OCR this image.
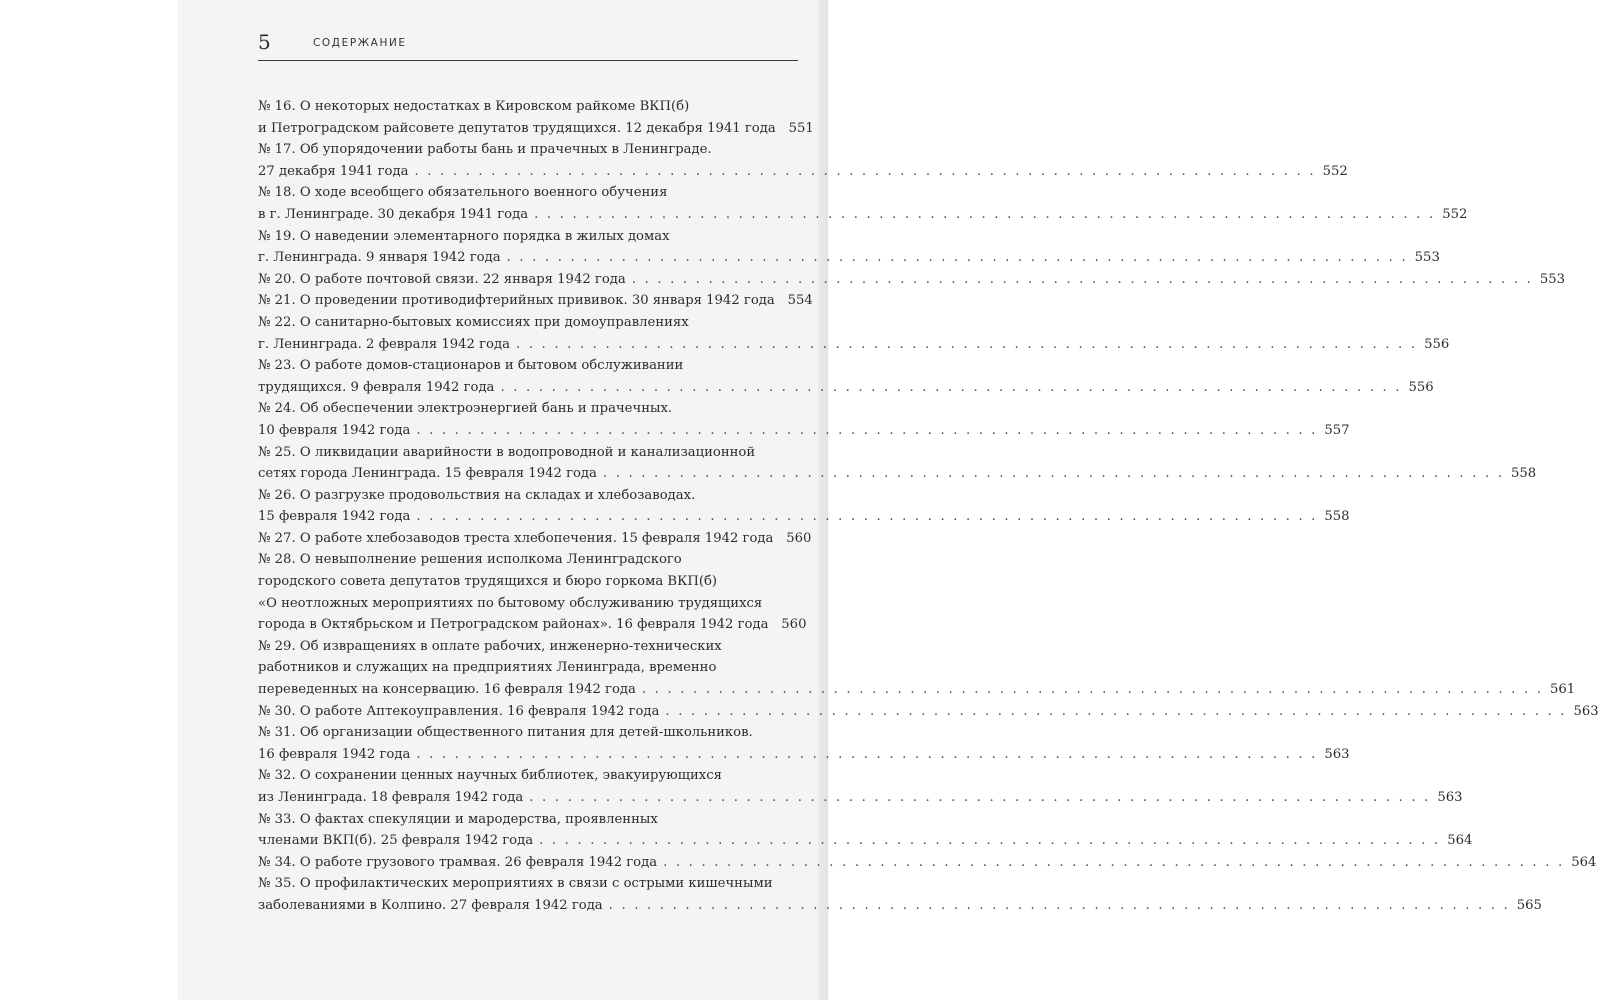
5	СОДЕРЖАНИЕ
№ 16. О некоторых недостатках в Кировском райкоме ВКП(б)
и Петроградском райсовете депутатов трудящихся. 12 декабря 1941 года 551
№ 17. Об упорядочении работы бань и прачечных в Ленинграде.
27 декабря 1941 года . . . . . . . . . . . . . . . . . . . . . . . . . . . . . . . . . . . . . . . . . . . . . . . . . . . . . . . . . . . . . . . . . . . . . . . 552
№ 18. О ходе всеобщего обязательного военного обучения
в г. Ленинграде. 30 декабря 1941 года . . . . . . . . . . . . . . . . . . . . . . . . . . . . . . . . . . . . . . . . . . . . . . . . . . . . . . . . . . . . . . . . . . . . . . . 552
№ 19. О наведении элементарного порядка в жилых домах
г. Ленинграда. 9 января 1942 года . . . . . . . . . . . . . . . . . . . . . . . . . . . . . . . . . . . . . . . . . . . . . . . . . . . . . . . . . . . . . . . . . . . . . . . 553
№ 20. О работе почтовой связи. 22 января 1942 года . . . . . . . . . . . . . . . . . . . . . . . . . . . . . . . . . . . . . . . . . . . . . . . . . . . . . . . . . . . . . . . . . . . . . . . 553
№ 21. О проведении противодифтерийных прививок. 30 января 1942 года 554
№ 22. О санитарно-бытовых комиссиях при домоуправлениях
г. Ленинграда. 2 февраля 1942 года . . . . . . . . . . . . . . . . . . . . . . . . . . . . . . . . . . . . . . . . . . . . . . . . . . . . . . . . . . . . . . . . . . . . . . . 556
№ 23. О работе домов-стационаров и бытовом обслуживании
трудящихся. 9 февраля 1942 года . . . . . . . . . . . . . . . . . . . . . . . . . . . . . . . . . . . . . . . . . . . . . . . . . . . . . . . . . . . . . . . . . . . . . . . 556
№ 24. Об обеспечении электроэнергией бань и прачечных.
10 февраля 1942 года . . . . . . . . . . . . . . . . . . . . . . . . . . . . . . . . . . . . . . . . . . . . . . . . . . . . . . . . . . . . . . . . . . . . . . . 557
№ 25. О ликвидации аварийности в водопроводной и канализационной
сетях города Ленинграда. 15 февраля 1942 года . . . . . . . . . . . . . . . . . . . . . . . . . . . . . . . . . . . . . . . . . . . . . . . . . . . . . . . . . . . . . . . . . . . . . . . 558
№ 26. О разгрузке продовольствия на складах и хлебозаводах.
15 февраля 1942 года . . . . . . . . . . . . . . . . . . . . . . . . . . . . . . . . . . . . . . . . . . . . . . . . . . . . . . . . . . . . . . . . . . . . . . . 558
№ 27. О работе хлебозаводов треста хлебопечения. 15 февраля 1942 года 560
№ 28. О невыполнение решения исполкома Ленинградского
городского совета депутатов трудящихся и бюро горкома ВКП(б)
«О неотложных мероприятиях по бытовому обслуживанию трудящихся
города в Октябрьском и Петроградском районах». 16 февраля 1942 года 560
№ 29. Об извращениях в оплате рабочих, инженерно-технических
работников и служащих на предприятиях Ленинграда, временно
переведенных на консервацию. 16 февраля 1942 года . . . . . . . . . . . . . . . . . . . . . . . . . . . . . . . . . . . . . . . . . . . . . . . . . . . . . . . . . . . . . . . . . . . . . . . 561
№ 30. О работе Аптекоуправления. 16 февраля 1942 года . . . . . . . . . . . . . . . . . . . . . . . . . . . . . . . . . . . . . . . . . . . . . . . . . . . . . . . . . . . . . . . . . . . . . . . 563
№ 31. Об организации общественного питания для детей-школьников.
16 февраля 1942 года . . . . . . . . . . . . . . . . . . . . . . . . . . . . . . . . . . . . . . . . . . . . . . . . . . . . . . . . . . . . . . . . . . . . . . . 563
№ 32. О сохранении ценных научных библиотек, эвакуирующихся
из Ленинграда. 18 февраля 1942 года . . . . . . . . . . . . . . . . . . . . . . . . . . . . . . . . . . . . . . . . . . . . . . . . . . . . . . . . . . . . . . . . . . . . . . . 563
№ 33. О фактах спекуляции и мародерства, проявленных
членами ВКП(б). 25 февраля 1942 года . . . . . . . . . . . . . . . . . . . . . . . . . . . . . . . . . . . . . . . . . . . . . . . . . . . . . . . . . . . . . . . . . . . . . . . 564
№ 34. О работе грузового трамвая. 26 февраля 1942 года . . . . . . . . . . . . . . . . . . . . . . . . . . . . . . . . . . . . . . . . . . . . . . . . . . . . . . . . . . . . . . . . . . . . . . . 564
№ 35. О профилактических мероприятиях в связи с острыми кишечными
заболеваниями в Колпино. 27 февраля 1942 года . . . . . . . . . . . . . . . . . . . . . . . . . . . . . . . . . . . . . . . . . . . . . . . . . . . . . . . . . . . . . . . . . . . . . . . 565
